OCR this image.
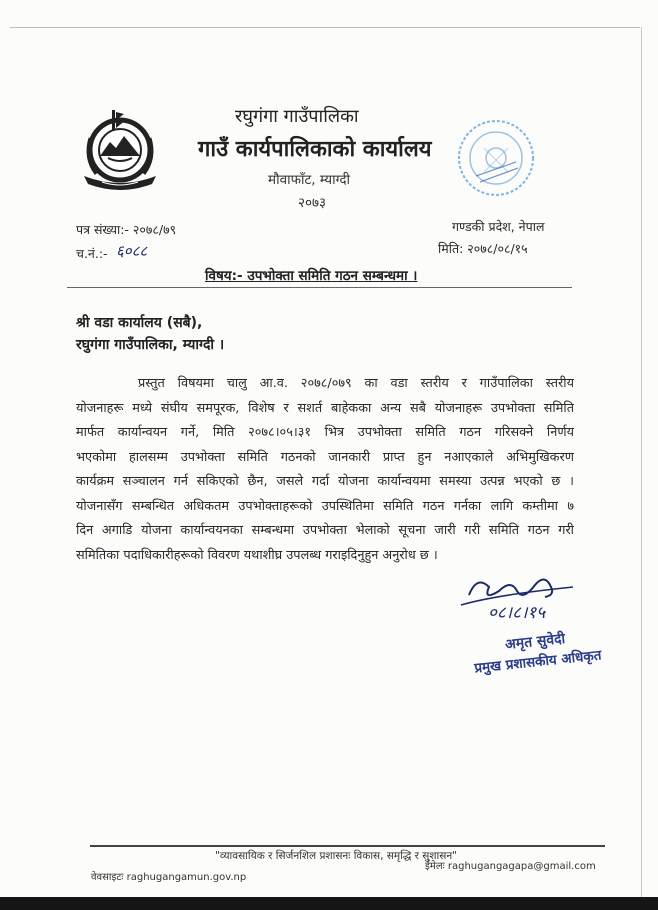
रघुगंगा गाउँपालिका
गाउँ कार्यपालिकाको कार्यालय
मौवाफाँट, म्याग्दी
२०७३
पत्र संख्या:- २०७८/७९
च.नं.:- ६०८८
गण्डकी प्रदेश, नेपाल
मिति: २०७८/०८/१५
विषय:- उपभोक्ता समिति गठन सम्बन्धमा ।
श्री वडा कार्यालय (सबै),
रघुगंगा गाउँपालिका, म्याग्दी ।
प्रस्तुत विषयमा चालु आ.व. २०७८/०७९ का वडा स्तरीय र गाउँपालिका स्तरीय
योजनाहरू मध्ये संघीय समपूरक, विशेष र सशर्त बाहेकका अन्य सबै योजनाहरू उपभोक्ता समिति
मार्फत कार्यान्वयन गर्ने, मिति २०७८।०५।३१ भित्र उपभोक्ता समिति गठन गरिसक्ने निर्णय
भएकोमा हालसम्म उपभोक्ता समिति गठनको जानकारी प्राप्त हुन नआएकाले अभिमुखिकरण
कार्यक्रम सञ्चालन गर्न सकिएको छैन, जसले गर्दा योजना कार्यान्वयमा समस्या उत्पन्न भएको छ ।
योजनासँग सम्बन्धित अधिकतम उपभोक्ताहरूको उपस्थितिमा समिति गठन गर्नका लागि कम्तीमा ७
दिन अगाडि योजना कार्यान्वयनका सम्बन्धमा उपभोक्ता भेलाको सूचना जारी गरी समिति गठन गरी
समितिका पदाधिकारीहरूको विवरण यथाशीघ्र उपलब्ध गराइदिनुहुन अनुरोध छ ।
०८।८।१५
अमृत सुवेदी
प्रमुख प्रशासकीय अधिकृत
"व्यावसायिक र सिर्जनशिल प्रशासनः विकास, समृद्धि र सुशासन"
ईमेलः raghugangagapa@gmail.com
वेवसाइटः raghugangamun.gov.np
